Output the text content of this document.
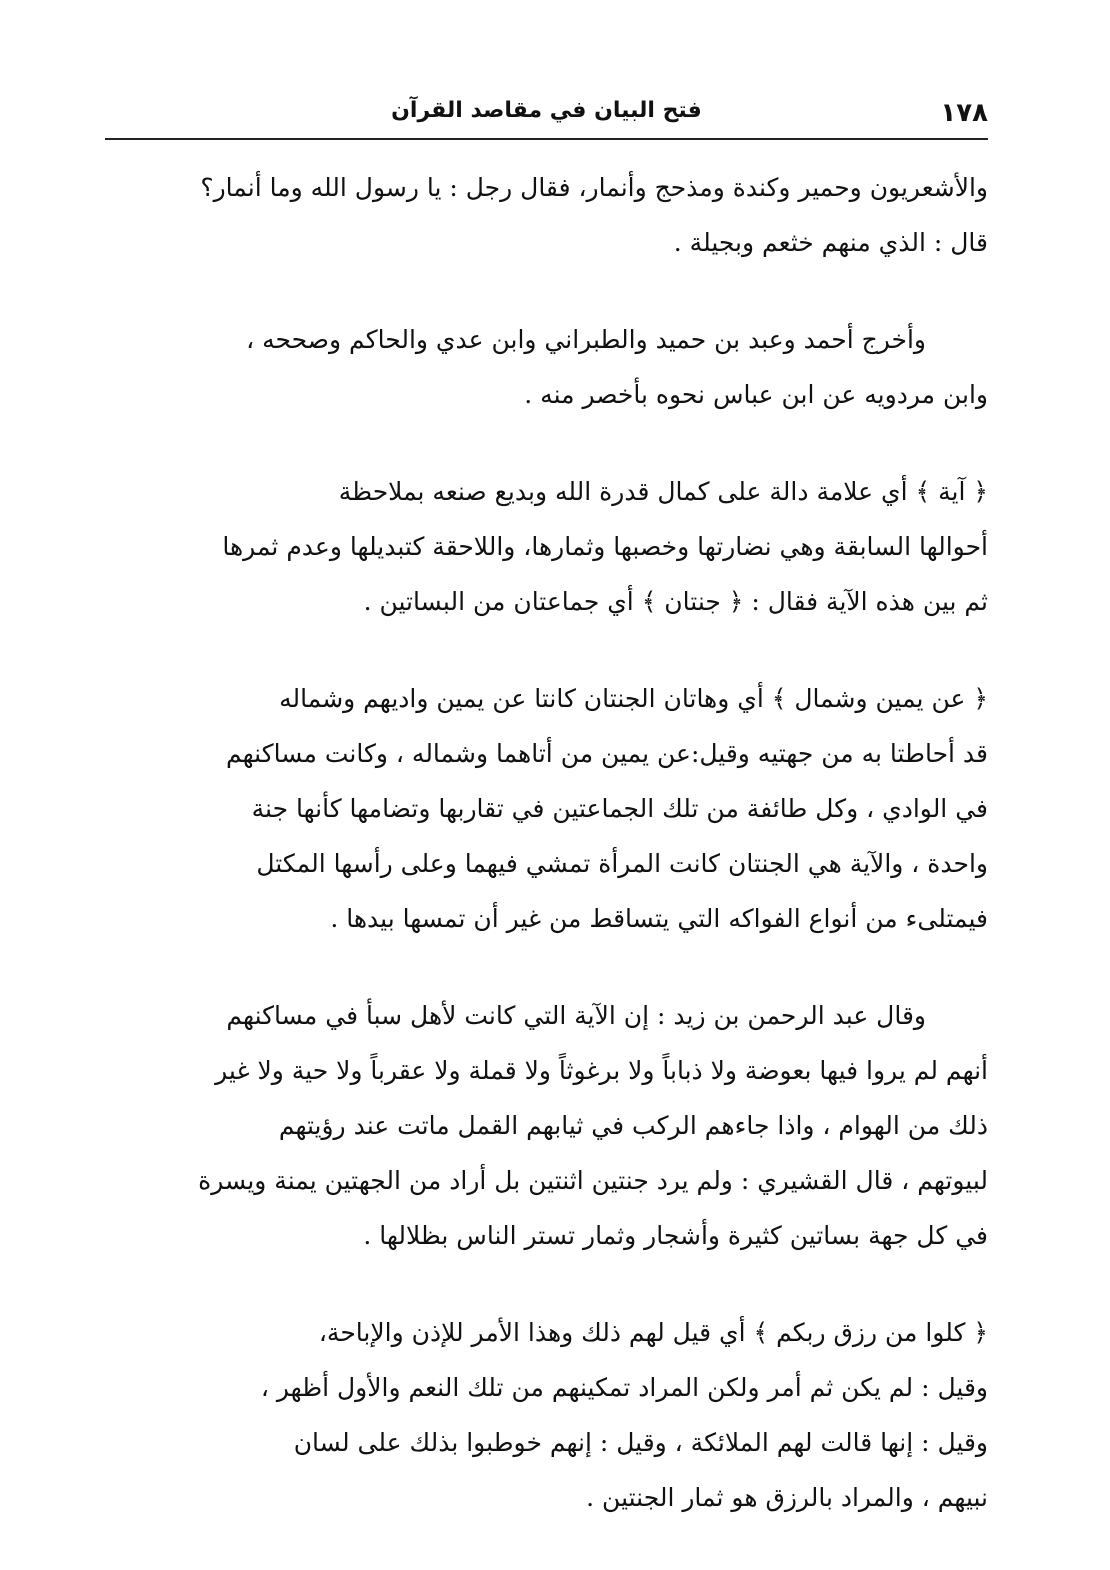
١٧٨
فتح البيان في مقاصد القرآن
والأشعريون وحمير وكندة ومذحج وأنمار، فقال رجل : يا رسول الله وما أنمار؟
قال : الذي منهم خثعم وبجيلة .
وأخرج أحمد وعبد بن حميد والطبراني وابن عدي والحاكم وصححه ،
وابن مردويه عن ابن عباس نحوه بأخصر منه .
﴿ آية ﴾ أي علامة دالة على كمال قدرة الله وبديع صنعه بملاحظة
أحوالها السابقة وهي نضارتها وخصبها وثمارها، واللاحقة كتبديلها وعدم ثمرها
ثم بين هذه الآية فقال : ﴿ جنتان ﴾ أي جماعتان من البساتين .
﴿ عن يمين وشمال ﴾ أي وهاتان الجنتان كانتا عن يمين واديهم وشماله
قد أحاطتا به من جهتيه وقيل:عن يمين من أتاهما وشماله ، وكانت مساكنهم
في الوادي ، وكل طائفة من تلك الجماعتين في تقاربها وتضامها كأنها جنة
واحدة ، والآية هي الجنتان كانت المرأة تمشي فيهما وعلى رأسها المكتل
فيمتلىء من أنواع الفواكه التي يتساقط من غير أن تمسها بيدها .
وقال عبد الرحمن بن زيد : إن الآية التي كانت لأهل سبأ في مساكنهم
أنهم لم يروا فيها بعوضة ولا ذباباً ولا برغوثاً ولا قملة ولا عقرباً ولا حية ولا غير
ذلك من الهوام ، واذا جاءهم الركب في ثيابهم القمل ماتت عند رؤيتهم
لبيوتهم ، قال القشيري : ولم يرد جنتين اثنتين بل أراد من الجهتين يمنة ويسرة
في كل جهة بساتين كثيرة وأشجار وثمار تستر الناس بظلالها .
﴿ كلوا من رزق ربكم ﴾ أي قيل لهم ذلك وهذا الأمر للإذن والإباحة،
وقيل : لم يكن ثم أمر ولكن المراد تمكينهم من تلك النعم والأول أظهر ،
وقيل : إنها قالت لهم الملائكة ، وقيل : إنهم خوطبوا بذلك على لسان
نبيهم ، والمراد بالرزق هو ثمار الجنتين .
